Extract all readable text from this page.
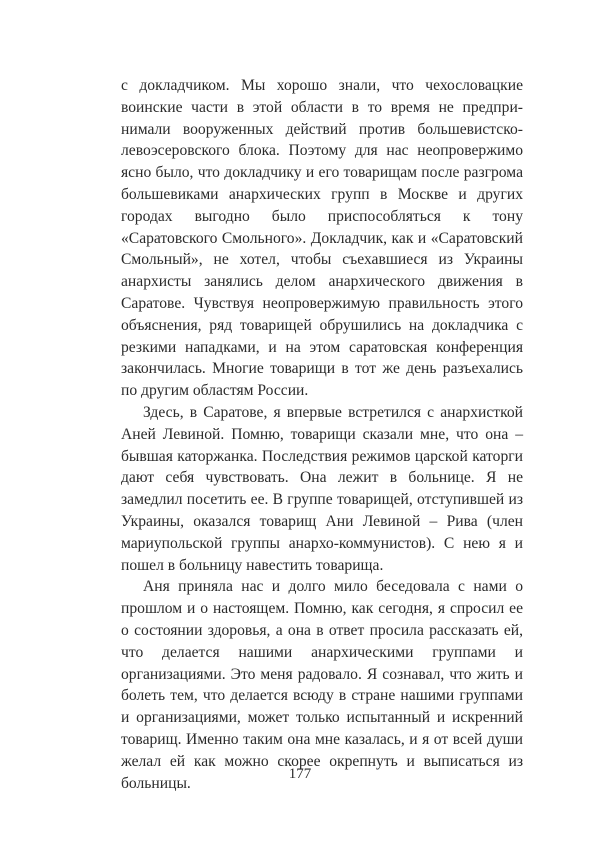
с докладчиком. Мы хорошо знали, что чехословацкие воинские части в этой области в то время не предпринимали вооруженных действий против большевистско-левоэсеровского блока. Поэтому для нас неопровержимо ясно было, что докладчику и его товарищам после разгрома большевиками анархических групп в Москве и других городах выгодно было приспособляться к тону «Саратовского Смольного». Докладчик, как и «Саратовский Смольный», не хотел, чтобы съехавшиеся из Украины анархисты занялись делом анархического движения в Саратове. Чувствуя неопровержимую правильность этого объяснения, ряд товарищей обрушились на докладчика с резкими нападками, и на этом саратовская конференция закончилась. Многие товарищи в тот же день разъехались по другим областям России.

Здесь, в Саратове, я впервые встретился с анархисткой Аней Левиной. Помню, товарищи сказали мне, что она – бывшая каторжанка. Последствия режимов царской каторги дают себя чувствовать. Она лежит в больнице. Я не замедлил посетить ее. В группе товарищей, отступившей из Украины, оказался товарищ Ани Левиной – Рива (член мариупольской группы анархо-коммунистов). С нею я и пошел в больницу навестить товарища.

Аня приняла нас и долго мило беседовала с нами о прошлом и о настоящем. Помню, как сегодня, я спросил ее о состоянии здоровья, а она в ответ просила рассказать ей, что делается нашими анархическими группами и организациями. Это меня радовало. Я сознавал, что жить и болеть тем, что делается всюду в стране нашими группами и организациями, может только испытанный и искренний товарищ. Именно таким она мне казалась, и я от всей души желал ей как можно скорее окрепнуть и выписаться из больницы.

177
